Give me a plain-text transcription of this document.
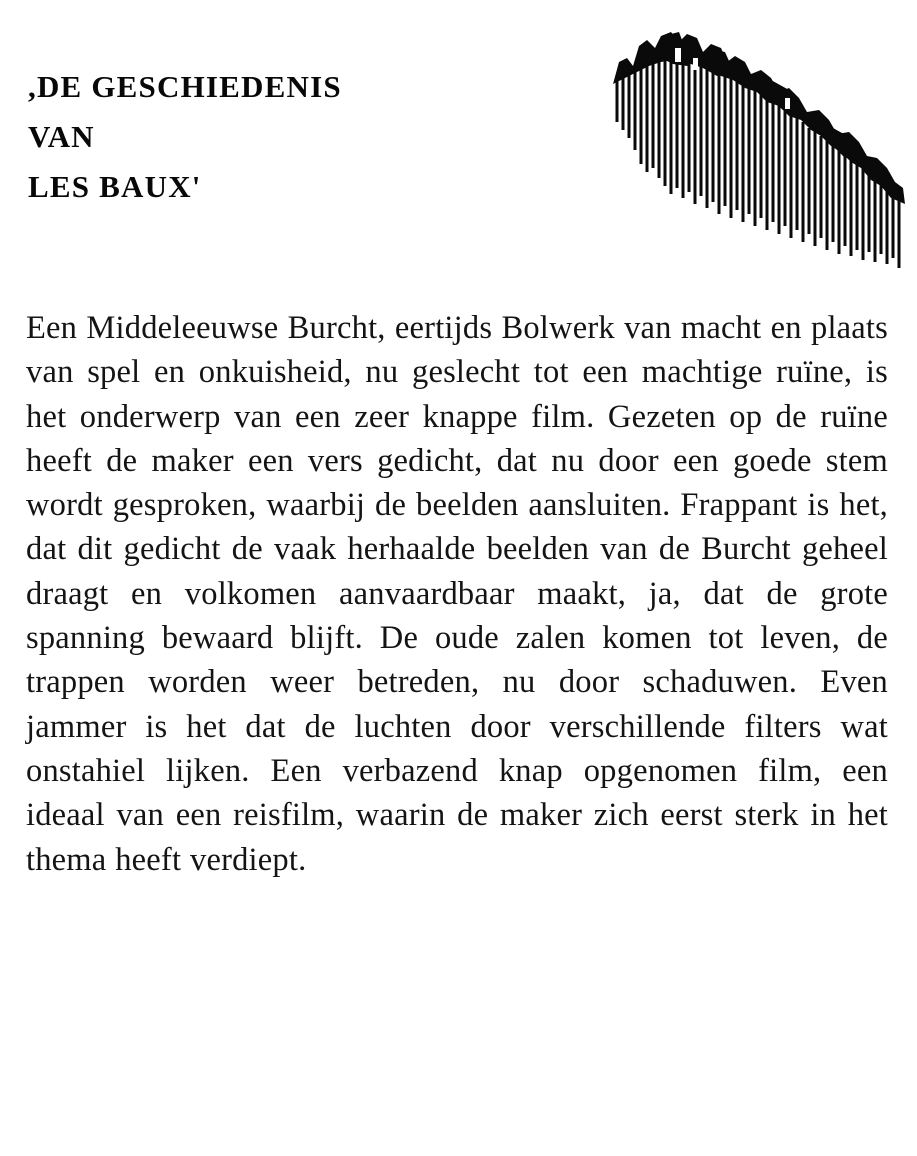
,DE GESCHIEDENIS
VAN
LES BAUX'

Een Middeleeuwse Burcht, eertijds Bolwerk van macht en plaats van spel en onkuisheid, nu geslecht tot een machtige ruïne, is het onderwerp van een zeer knappe film. Gezeten op de ruïne heeft de maker een vers gedicht, dat nu door een goede stem wordt gesproken, waarbij de beelden aansluiten. Frappant is het, dat dit gedicht de vaak herhaalde beelden van de Burcht geheel draagt en volkomen aanvaardbaar maakt, ja, dat de grote spanning bewaard blijft. De oude zalen komen tot leven, de trappen worden weer betreden, nu door schaduwen. Even jammer is het dat de luchten door verschillende filters wat onstahiel lijken. Een verbazend knap opgenomen film, een ideaal van een reisfilm, waarin de maker zich eerst sterk in het thema heeft verdiept.
